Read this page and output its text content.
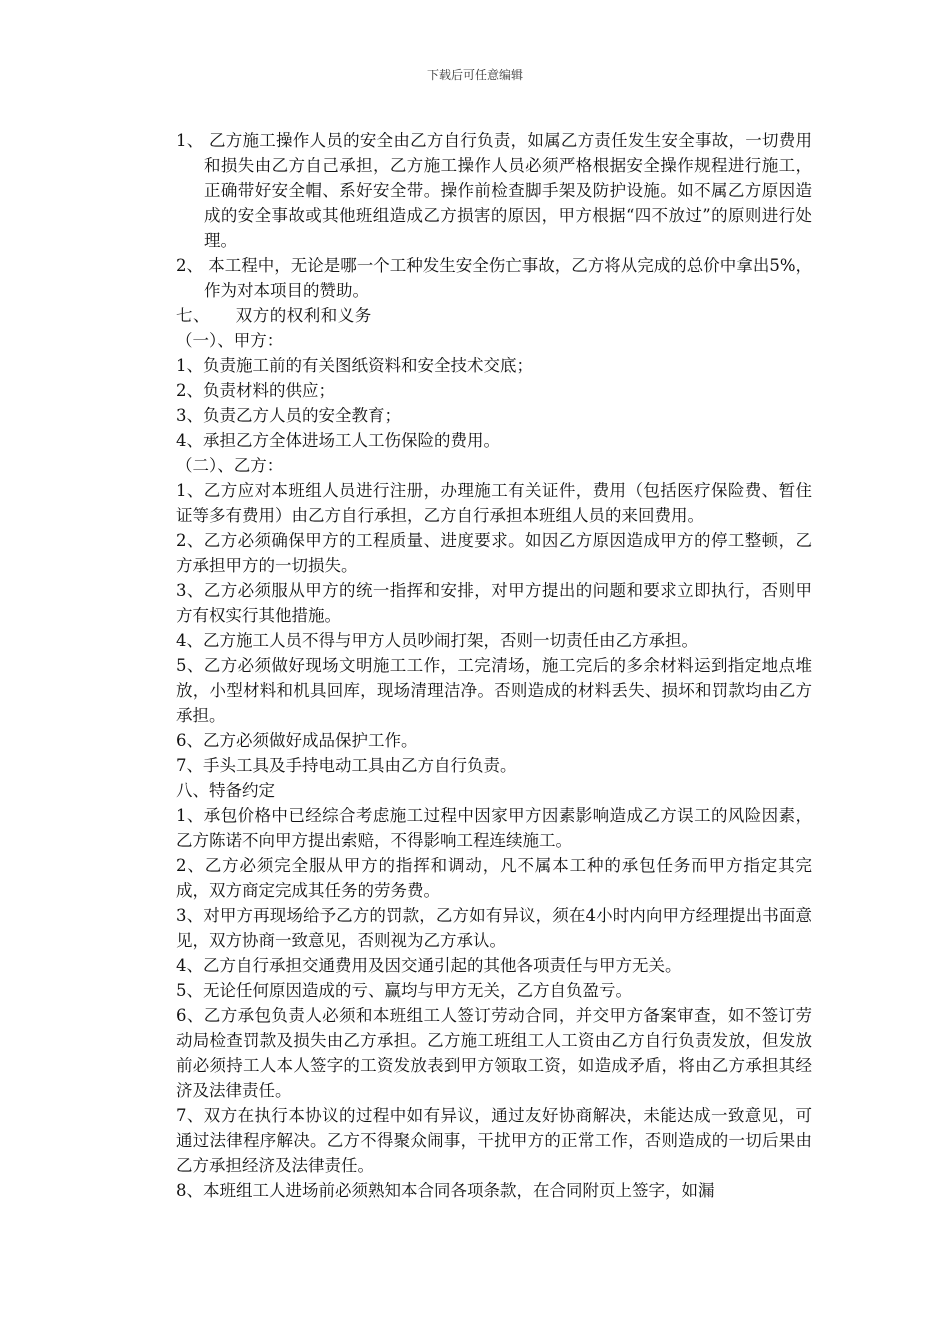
下载后可任意编辑

1、 乙方施工操作人员的安全由乙方自行负责，如属乙方责任发生安全事故，一切费用和损失由乙方自己承担，乙方施工操作人员必须严格根据安全操作规程进行施工，正确带好安全帽、系好安全带。操作前检查脚手架及防护设施。如不属乙方原因造成的安全事故或其他班组造成乙方损害的原因，甲方根据“四不放过”的原则进行处理。

2、 本工程中，无论是哪一个工种发生安全伤亡事故，乙方将从完成的总价中拿出5%，作为对本项目的赞助。

七、　　双方的权利和义务

（一）、甲方：

1、负责施工前的有关图纸资料和安全技术交底；

2、负责材料的供应；

3、负责乙方人员的安全教育；

4、承担乙方全体进场工人工伤保险的费用。

（二）、乙方：

1、乙方应对本班组人员进行注册，办理施工有关证件，费用（包括医疗保险费、暂住证等多有费用）由乙方自行承担，乙方自行承担本班组人员的来回费用。

2、乙方必须确保甲方的工程质量、进度要求。如因乙方原因造成甲方的停工整顿，乙方承担甲方的一切损失。

3、乙方必须服从甲方的统一指挥和安排，对甲方提出的问题和要求立即执行，否则甲方有权实行其他措施。

4、乙方施工人员不得与甲方人员吵闹打架，否则一切责任由乙方承担。

5、乙方必须做好现场文明施工工作，工完清场，施工完后的多余材料运到指定地点堆放，小型材料和机具回库，现场清理洁净。否则造成的材料丢失、损坏和罚款均由乙方承担。

6、乙方必须做好成品保护工作。

7、手头工具及手持电动工具由乙方自行负责。

八、特备约定

1、承包价格中已经综合考虑施工过程中因家甲方因素影响造成乙方误工的风险因素，乙方陈诺不向甲方提出索赔，不得影响工程连续施工。

2、乙方必须完全服从甲方的指挥和调动，凡不属本工种的承包任务而甲方指定其完成，双方商定完成其任务的劳务费。

3、对甲方再现场给予乙方的罚款，乙方如有异议，须在4小时内向甲方经理提出书面意见，双方协商一致意见，否则视为乙方承认。

4、乙方自行承担交通费用及因交通引起的其他各项责任与甲方无关。

5、无论任何原因造成的亏、赢均与甲方无关，乙方自负盈亏。

6、乙方承包负责人必须和本班组工人签订劳动合同，并交甲方备案审查，如不签订劳动局检查罚款及损失由乙方承担。乙方施工班组工人工资由乙方自行负责发放，但发放前必须持工人本人签字的工资发放表到甲方领取工资，如造成矛盾，将由乙方承担其经济及法律责任。

7、双方在执行本协议的过程中如有异议，通过友好协商解决，未能达成一致意见，可通过法律程序解决。乙方不得聚众闹事，干扰甲方的正常工作，否则造成的一切后果由乙方承担经济及法律责任。

8、本班组工人进场前必须熟知本合同各项条款，在合同附页上签字，如漏
